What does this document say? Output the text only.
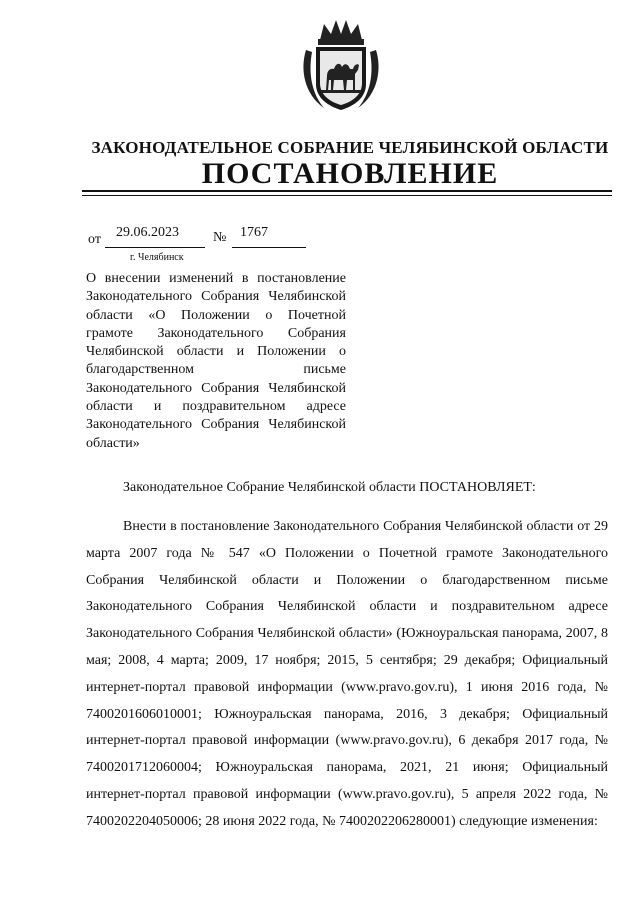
ЗАКОНОДАТЕЛЬНОЕ СОБРАНИЕ ЧЕЛЯБИНСКОЙ ОБЛАСТИ
ПОСТАНОВЛЕНИЕ
от 29.06.2023 № 1767
г. Челябинск
О внесении изменений в постановление Законодательного Собрания Челябинской области «О Положении о Почетной грамоте Законодательного Собрания Челябинской области и Положении о благодарственном письме Законодательного Собрания Челябинской области и поздравительном адресе Законодательного Собрания Челябинской области»
Законодательное Собрание Челябинской области ПОСТАНОВЛЯЕТ:
Внести в постановление Законодательного Собрания Челябинской области от 29 марта 2007 года № 547 «О Положении о Почетной грамоте Законодательного Собрания Челябинской области и Положении о благодарственном письме Законодательного Собрания Челябинской области и поздравительном адресе Законодательного Собрания Челябинской области» (Южноуральская панорама, 2007, 8 мая; 2008, 4 марта; 2009, 17 ноября; 2015, 5 сентября; 29 декабря; Официальный интернет-портал правовой информации (www.pravo.gov.ru), 1 июня 2016 года, № 7400201606010001; Южноуральская панорама, 2016, 3 декабря; Официальный интернет-портал правовой информации (www.pravo.gov.ru), 6 декабря 2017 года, № 7400201712060004; Южноуральская панорама, 2021, 21 июня; Официальный интернет-портал правовой информации (www.pravo.gov.ru), 5 апреля 2022 года, № 7400202204050006; 28 июня 2022 года, № 7400202206280001) следующие изменения:
